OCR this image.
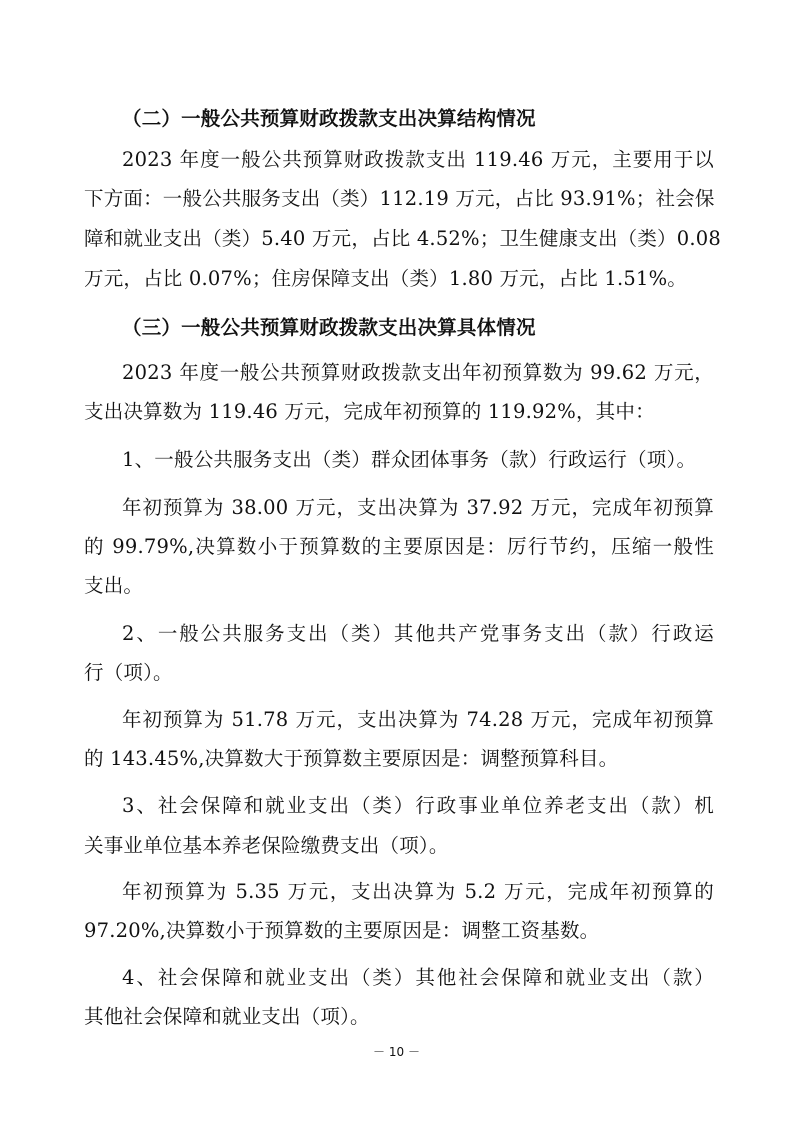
（二）一般公共预算财政拨款支出决算结构情况
2023 年度一般公共预算财政拨款支出 119.46 万元，主要用于以
下方面：一般公共服务支出（类）112.19 万元，占比 93.91%；社会保
障和就业支出（类）5.40 万元，占比 4.52%；卫生健康支出（类）0.08
万元，占比 0.07%；住房保障支出（类）1.80 万元，占比 1.51%。
（三）一般公共预算财政拨款支出决算具体情况
2023 年度一般公共预算财政拨款支出年初预算数为 99.62 万元，
支出决算数为 119.46 万元，完成年初预算的 119.92%，其中：
1、一般公共服务支出（类）群众团体事务（款）行政运行（项）。
年初预算为 38.00 万元，支出决算为 37.92 万元，完成年初预算
的 99.79%,决算数小于预算数的主要原因是：厉行节约，压缩一般性
支出。
2、一般公共服务支出（类）其他共产党事务支出（款）行政运
行（项）。
年初预算为 51.78 万元，支出决算为 74.28 万元，完成年初预算
的 143.45%,决算数大于预算数主要原因是：调整预算科目。
3、社会保障和就业支出（类）行政事业单位养老支出（款）机
关事业单位基本养老保险缴费支出（项）。
年初预算为 5.35 万元，支出决算为 5.2 万元，完成年初预算的
97.20%,决算数小于预算数的主要原因是：调整工资基数。
4、社会保障和就业支出（类）其他社会保障和就业支出（款）
其他社会保障和就业支出（项）。
－ 10 －
